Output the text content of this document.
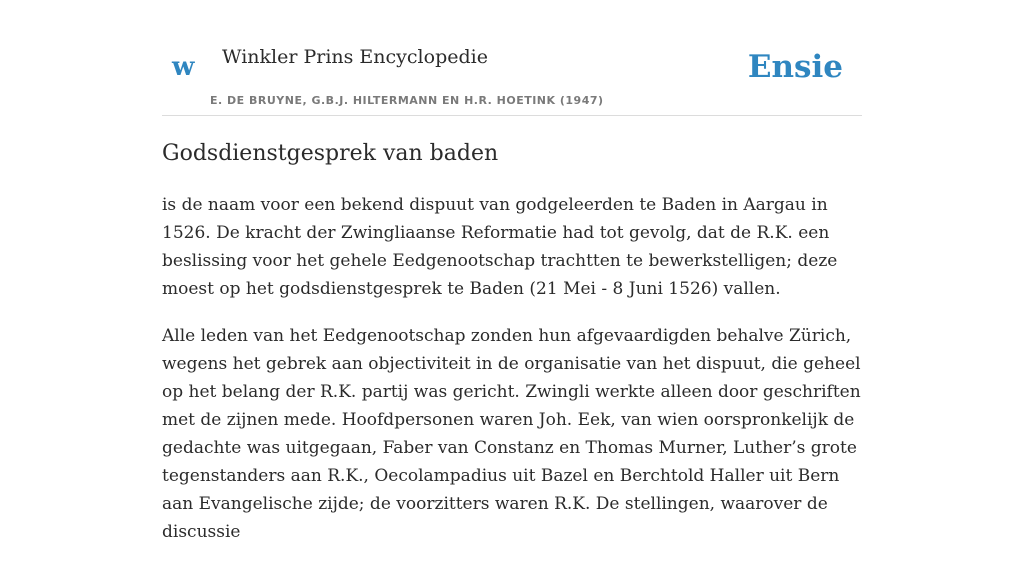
w Winkler Prins Encyclopedie
E. DE BRUYNE, G.B.J. HILTERMANN EN H.R. HOETINK (1947)
Ensie
Godsdienstgesprek van baden

is de naam voor een bekend dispuut van godgeleerden te Baden in Aargau in 1526. De kracht der Zwingliaanse Reformatie had tot gevolg, dat de R.K. een beslissing voor het gehele Eedgenootschap trachtten te bewerkstelligen; deze moest op het godsdienstgesprek te Baden (21 Mei - 8 Juni 1526) vallen.

Alle leden van het Eedgenootschap zonden hun afgevaardigden behalve Zürich, wegens het gebrek aan objectiviteit in de organisatie van het dispuut, die geheel op het belang der R.K. partij was gericht. Zwingli werkte alleen door geschriften met de zijnen mede. Hoofdpersonen waren Joh. Eek, van wien oorspronkelijk de gedachte was uitgegaan, Faber van Constanz en Thomas Murner, Luther’s grote tegenstanders aan R.K., Oecolampadius uit Bazel en Berchtold Haller uit Bern aan Evangelische zijde; de voorzitters waren R.K. De stellingen, waarover de discussie
